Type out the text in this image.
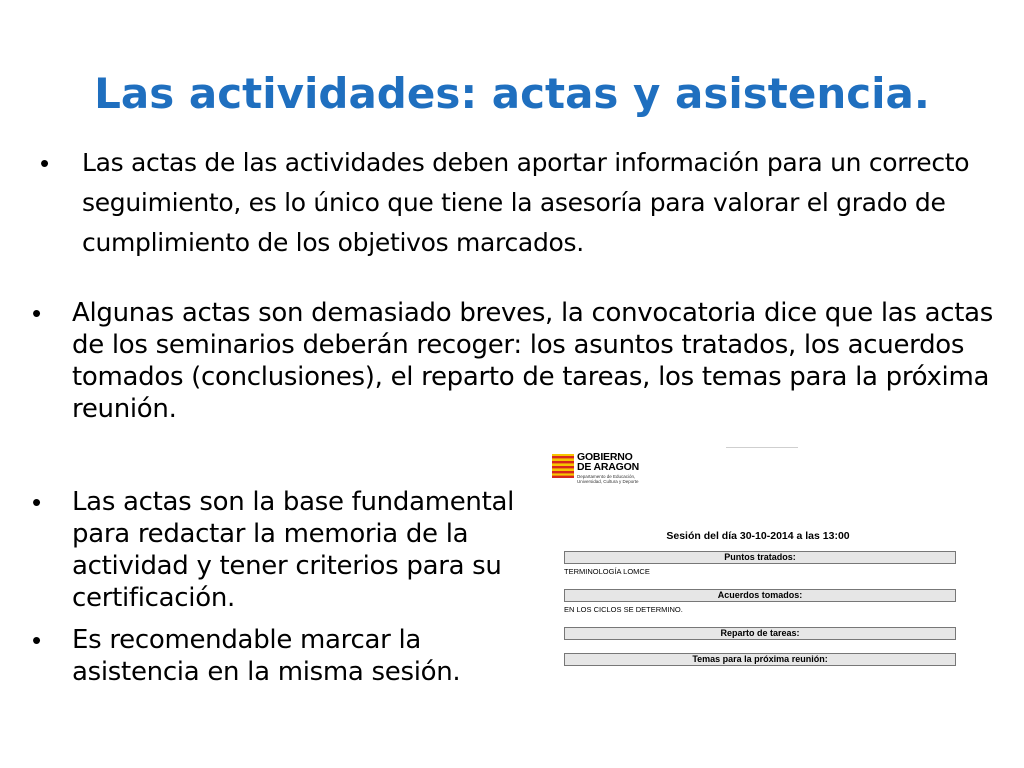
Las actividades: actas y asistencia.
•	Las actas de las actividades deben aportar información para un correcto seguimiento, es lo único que tiene la asesoría para valorar el grado de cumplimiento de los objetivos marcados.
•	Algunas actas son demasiado breves, la convocatoria dice que las actas de los seminarios deberán recoger: los asuntos tratados, los acuerdos tomados (conclusiones), el reparto de tareas, los temas para la próxima reunión.
•	Las actas son la base fundamental para redactar la memoria de la actividad y tener criterios para su certificación.
•	Es recomendable marcar la asistencia en la misma sesión.
GOBIERNO
DE ARAGON
Departamento de Educación,
Universidad, Cultura y Deporte
Sesión del día 30-10-2014 a las 13:00
Puntos tratados:
TERMINOLOGÍA LOMCE
Acuerdos tomados:
EN LOS CICLOS SE DETERMINO.
Reparto de tareas:
Temas para la próxima reunión:
